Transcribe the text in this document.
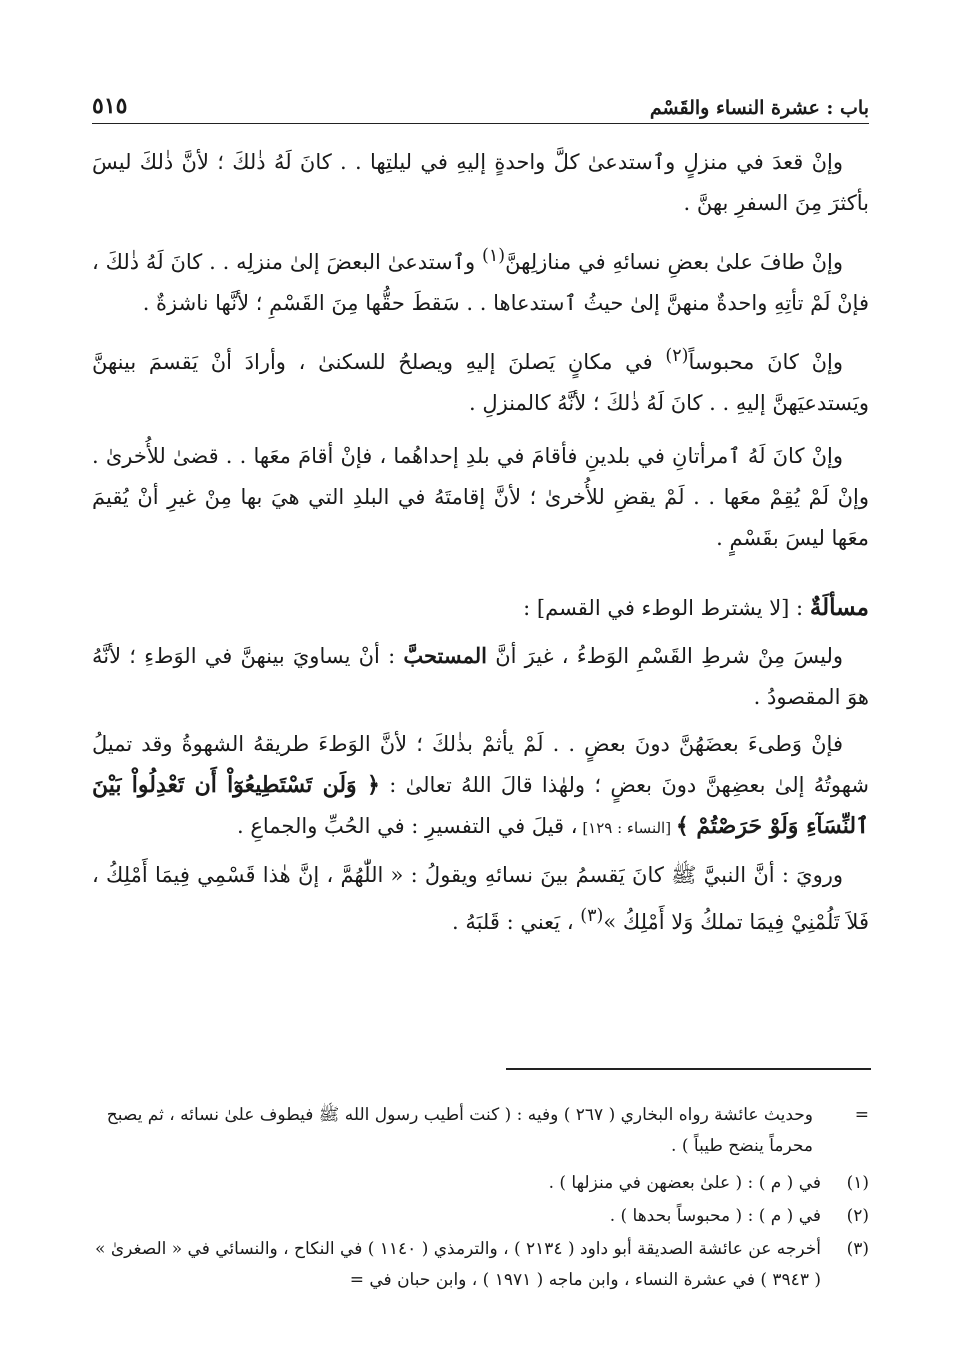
باب : عشرة النساء والقَسْم
٥١٥

وإنْ قعدَ في منزلٍ وٱستدعىٰ كلَّ واحدةٍ إليهِ في ليلتِها . . كانَ لَهُ ذٰلكَ ؛ لأنَّ ذٰلكَ ليسَ بأكثرَ مِنَ السفرِ بهنَّ .

وإنْ طافَ علىٰ بعضِ نسائهِ في منازلِهنَّ$^{(١)}$ وٱستدعىٰ البعضَ إلىٰ منزلِه . . كانَ لَهُ ذٰلكَ ، فإنْ لَمْ تأتِهِ واحدةٌ منهنَّ إلىٰ حيثُ ٱستدعاها . . سَقطَ حقُّها مِنَ القَسْمِ ؛ لأنَّها ناشزةٌ .

وإنْ كانَ محبوساً$^{(٢)}$ في مكانٍ يَصلنَ إليهِ ويصلحُ للسكنىٰ ، وأرادَ أنْ يَقسمَ بينهنَّ ويَستدعيَهنَّ إليهِ . . كانَ لَهُ ذٰلكَ ؛ لأنَّهُ كالمنزلِ .

وإنْ كانَ لَهُ ٱمرأتانِ في بلدينِ فأقامَ في بلدِ إحداهُما ، فإنْ أقامَ معَها . . قضىٰ للأُخرىٰ . وإنْ لَمْ يُقِمْ معَها . . لَمْ يقضِ للأُخرىٰ ؛ لأنَّ إقامتَهُ في البلدِ التي هيَ بها مِنْ غيرِ أنْ يُقيمَ معَها ليسَ بقَسْمٍ .

مسألَةٌ : [لا يشترط الوطء في القسم] :

وليسَ مِنْ شرطِ القَسْمِ الوَطءُ ، غيرَ أنَّ المستحبَّ : أنْ يساويَ بينهنَّ في الوَطءِ ؛ لأنَّهُ هوَ المقصودُ .

فإنْ وَطىءَ بعضَهُنَّ دونَ بعضٍ . . لَمْ يأثمْ بذٰلكَ ؛ لأنَّ الوَطءَ طريقهُ الشهوةُ وقد تميلُ شهوتُهُ إلىٰ بعضِهنَّ دونَ بعضٍ ؛ ولهٰذا قالَ اللهُ تعالىٰ : ﴿ وَلَن تَسْتَطِيعُوٓاْ أَن تَعْدِلُواْ بَيْنَ ٱلنِّسَآءِ وَلَوْ حَرَصْتُمْ ﴾ [النساء : ١٢٩] ، قيلَ في التفسيرِ : في الحُبِّ والجماعِ .

ورويَ : أنَّ النبيَّ ﷺ كانَ يَقسمُ بينَ نسائهِ ويقولُ : « اللّٰهُمَّ ، إنَّ هٰذا قَسْمِي فِيمَا أَمْلِكُ ، فَلاَ تَلُمْنِيْ فِيمَا تملكُ وَلا أَمْلِكُ »$^{(٣)}$ ، يَعني : قَلبَهُ .

=
وحديث عائشة رواه البخاري ( ٢٦٧ ) وفيه : ( كنت أطيب رسول الله ﷺ فيطوف علىٰ نسائه ، ثم يصبح محرماً ينضح طيباً ) .
(١)
في ( م ) : ( علىٰ بعضهن في منزلها ) .
(٢)
في ( م ) : ( محبوساً بحدها ) .
(٣)
أخرجه عن عائشة الصديقة أبو داود ( ٢١٣٤ ) ، والترمذي ( ١١٤٠ ) في النكاح ، والنسائي في « الصغرىٰ » ( ٣٩٤٣ ) في عشرة النساء ، وابن ماجه ( ١٩٧١ ) ، وابن حبان في =
